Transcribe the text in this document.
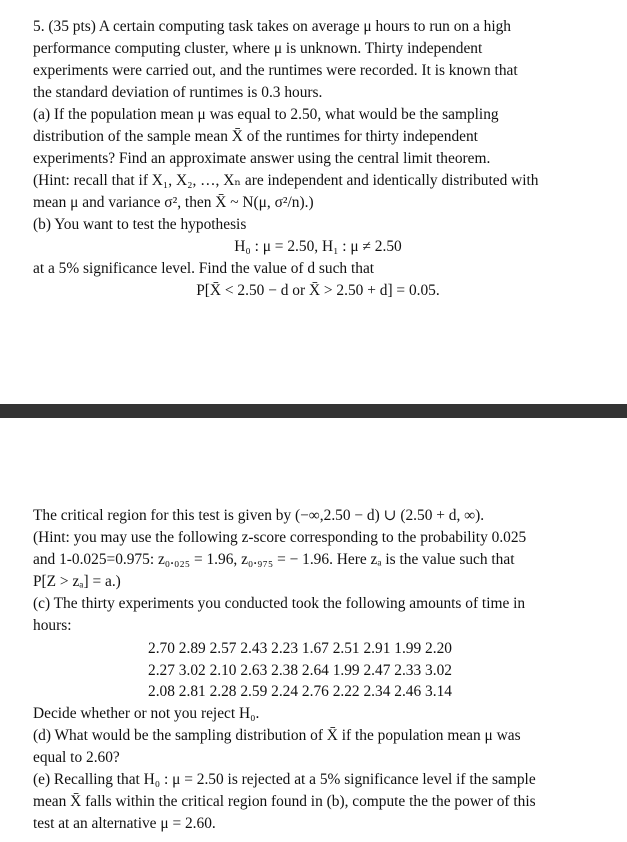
5. (35 pts) A certain computing task takes on average μ hours to run on a high
performance computing cluster, where μ is unknown. Thirty independent
experiments were carried out, and the runtimes were recorded. It is known that
the standard deviation of runtimes is 0.3 hours.
(a) If the population mean μ was equal to 2.50, what would be the sampling
distribution of the sample mean X̄ of the runtimes for thirty independent
experiments? Find an approximate answer using the central limit theorem.
(Hint: recall that if X₁, X₂, …, Xₙ are independent and identically distributed with
mean μ and variance σ², then X̄ ~ N(μ, σ²/n).)
(b) You want to test the hypothesis
H₀ : μ = 2.50, H₁ : μ ≠ 2.50
at a 5% significance level. Find the value of d such that
P[X̄ < 2.50 − d or X̄ > 2.50 + d] = 0.05.
The critical region for this test is given by (−∞,2.50 − d) ∪ (2.50 + d, ∞).
(Hint: you may use the following z-score corresponding to the probability 0.025
and 1-0.025=0.975: z₀.₀₂₅ = 1.96, z₀.₉₇₅ = − 1.96. Here zₐ is the value such that
P[Z > zₐ] = a.)
(c) The thirty experiments you conducted took the following amounts of time in
hours:
2.70 2.89 2.57 2.43 2.23 1.67 2.51 2.91 1.99 2.20
2.27 3.02 2.10 2.63 2.38 2.64 1.99 2.47 2.33 3.02
2.08 2.81 2.28 2.59 2.24 2.76 2.22 2.34 2.46 3.14
Decide whether or not you reject H₀.
(d) What would be the sampling distribution of X̄ if the population mean μ was
equal to 2.60?
(e) Recalling that H₀ : μ = 2.50 is rejected at a 5% significance level if the sample
mean X̄ falls within the critical region found in (b), compute the the power of this
test at an alternative μ = 2.60.
